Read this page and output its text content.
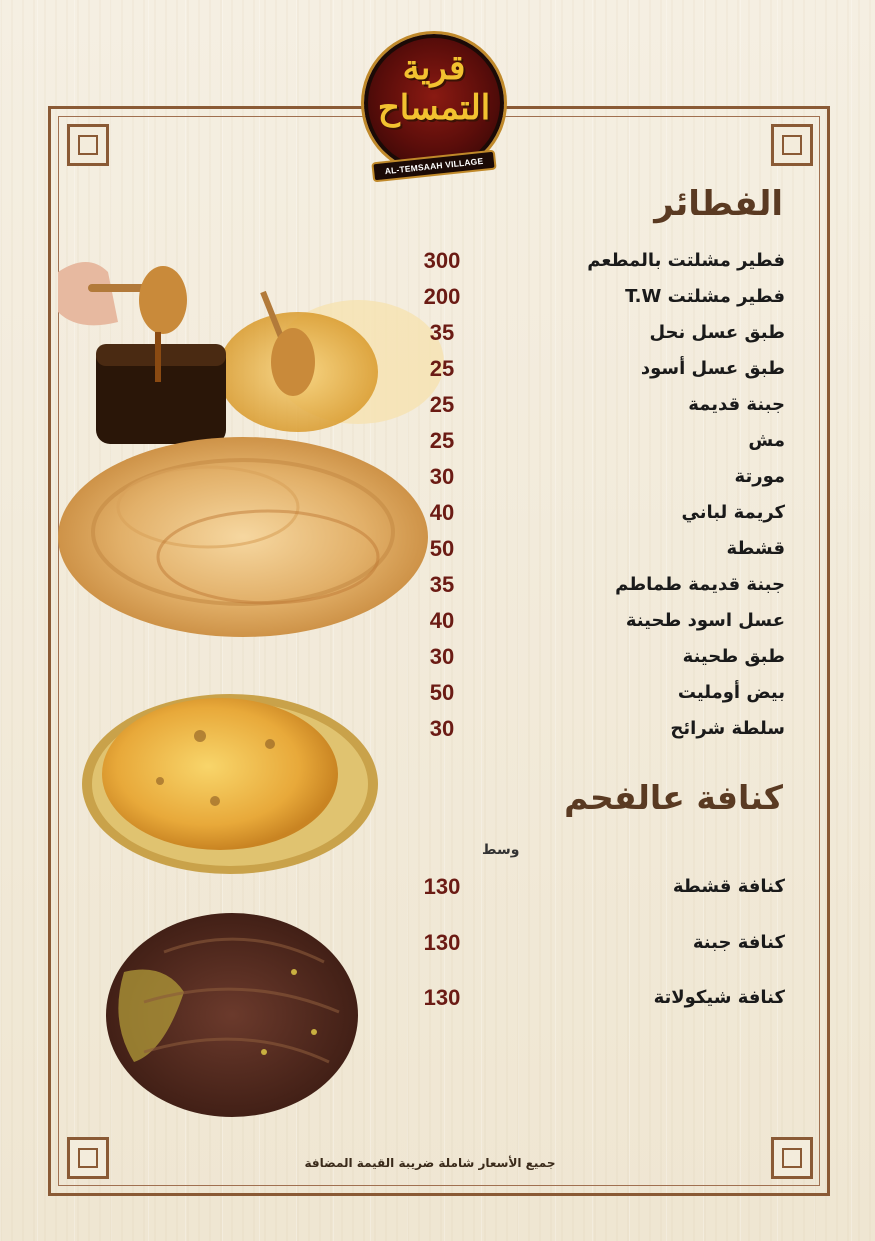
قرية
التمساح
AL-TEMSAAH VILLAGE
الفطائر
فطير مشلتت بالمطعم
300
فطير مشلتت T.W
200
طبق عسل نحل
35
طبق عسل أسود
25
جبنة قديمة
25
مش
25
مورتة
30
كريمة لباني
40
قشطة
50
جبنة قديمة طماطم
35
عسل اسود طحينة
40
طبق طحينة
30
بيض أومليت
50
سلطة شرائح
30
كنافة عالفحم
وسط
كنافة قشطة
130
كنافة جبنة
130
كنافة شيكولاتة
130
جميع الأسعار شاملة ضريبة القيمة المضافة
